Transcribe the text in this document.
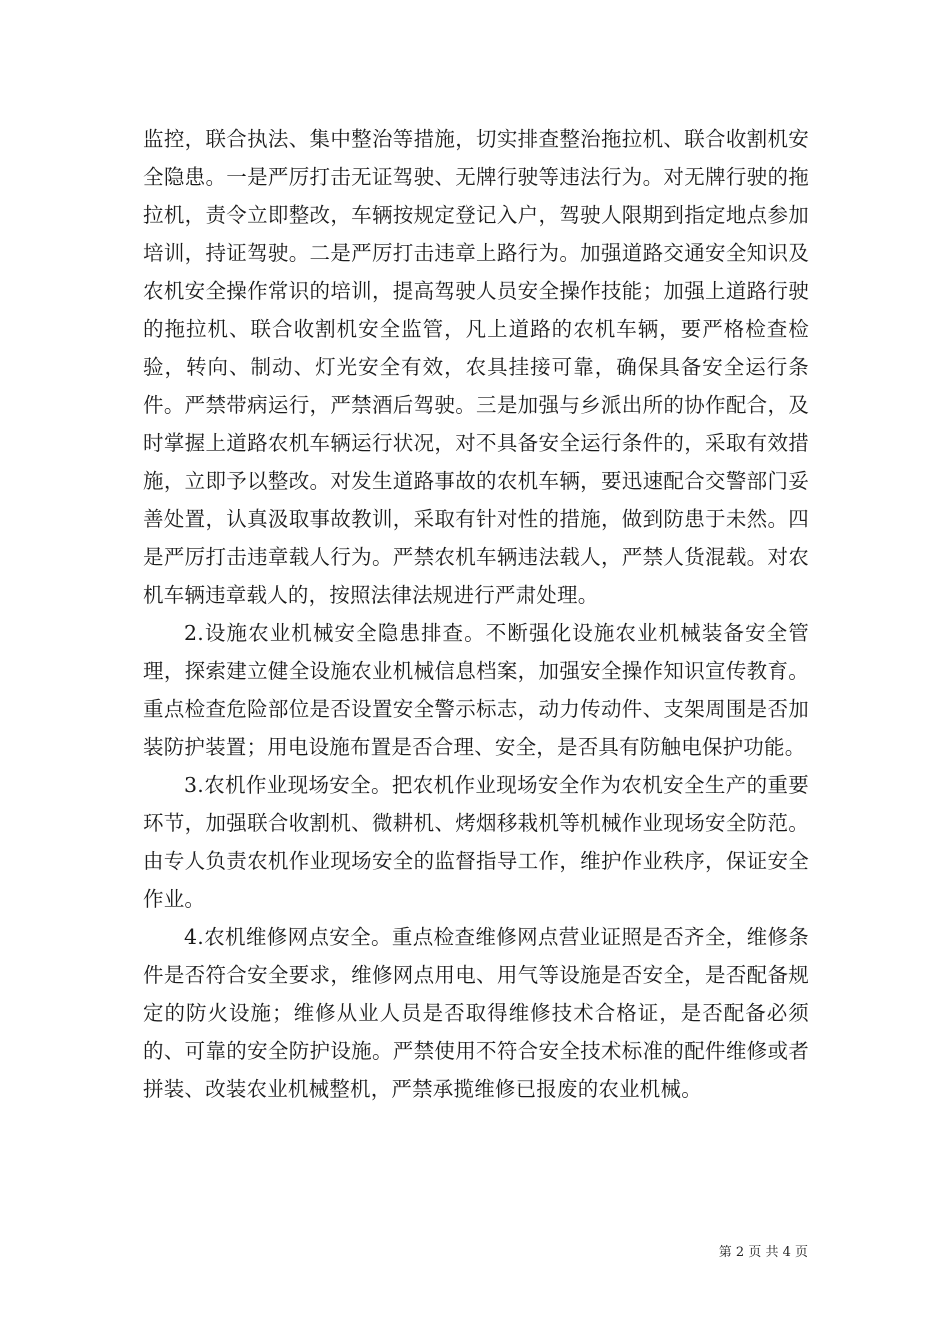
监控，联合执法、集中整治等措施，切实排查整治拖拉机、联合收割机安全隐患。一是严厉打击无证驾驶、无牌行驶等违法行为。对无牌行驶的拖拉机，责令立即整改，车辆按规定登记入户，驾驶人限期到指定地点参加培训，持证驾驶。二是严厉打击违章上路行为。加强道路交通安全知识及农机安全操作常识的培训，提高驾驶人员安全操作技能；加强上道路行驶的拖拉机、联合收割机安全监管，凡上道路的农机车辆，要严格检查检验，转向、制动、灯光安全有效，农具挂接可靠，确保具备安全运行条件。严禁带病运行，严禁酒后驾驶。三是加强与乡派出所的协作配合，及时掌握上道路农机车辆运行状况，对不具备安全运行条件的，采取有效措施，立即予以整改。对发生道路事故的农机车辆，要迅速配合交警部门妥善处置，认真汲取事故教训，采取有针对性的措施，做到防患于未然。四是严厉打击违章载人行为。严禁农机车辆违法载人，严禁人货混载。对农机车辆违章载人的，按照法律法规进行严肃处理。

2.设施农业机械安全隐患排查。不断强化设施农业机械装备安全管理，探索建立健全设施农业机械信息档案，加强安全操作知识宣传教育。重点检查危险部位是否设置安全警示标志，动力传动件、支架周围是否加装防护装置；用电设施布置是否合理、安全，是否具有防触电保护功能。

3.农机作业现场安全。把农机作业现场安全作为农机安全生产的重要环节，加强联合收割机、微耕机、烤烟移栽机等机械作业现场安全防范。由专人负责农机作业现场安全的监督指导工作，维护作业秩序，保证安全作业。

4.农机维修网点安全。重点检查维修网点营业证照是否齐全，维修条件是否符合安全要求，维修网点用电、用气等设施是否安全，是否配备规定的防火设施；维修从业人员是否取得维修技术合格证，是否配备必须的、可靠的安全防护设施。严禁使用不符合安全技术标准的配件维修或者拼装、改装农业机械整机，严禁承揽维修已报废的农业机械。

第 2 页 共 4 页
